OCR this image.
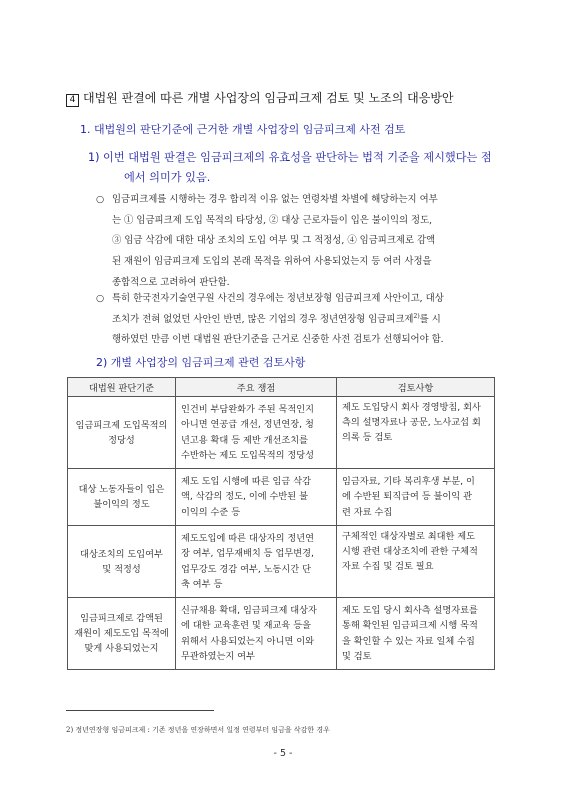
4 대법원 판결에 따른 개별 사업장의 임금피크제 검토 및 노조의 대응방안
1. 대법원의 판단기준에 근거한 개별 사업장의 임금피크제 사전 검토
1) 이번 대법원 판결은 임금피크제의 유효성을 판단하는 법적 기준을 제시했다는 점
에서 의미가 있음.
○ 임금피크제를 시행하는 경우 합리적 이유 없는 연령차별 차별에 해당하는지 여부
는 ① 임금피크제 도입 목적의 타당성, ② 대상 근로자들이 입은 불이익의 정도,
③ 임금 삭감에 대한 대상 조치의 도입 여부 및 그 적정성, ④ 임금피크제로 감액
된 재원이 임금피크제 도입의 본래 목적을 위하여 사용되었는지 등 여러 사정을
종합적으로 고려하여 판단함.
○ 특히 한국전자기술연구원 사건의 경우에는 정년보장형 임금피크제 사안이고, 대상
조치가 전혀 없었던 사안인 반면, 많은 기업의 경우 정년연장형 임금피크제$^{2)}$를 시
행하였던 만큼 이번 대법원 판단기준을 근거로 신중한 사전 검토가 선행되어야 함.
2) 개별 사업장의 임금피크제 관련 검토사항
대법원 판단기준	주요 쟁점	검토사항
임금피크제 도입목적의
정당성	인건비 부담완화가 주된 목적인지
아니면 연공급 개선, 정년연장, 청
년고용 확대 등 제반 개선조치를
수반하는 제도 도입목적의 정당성	제도 도입당시 회사 경영방침, 회사
측의 설명자료나 공문, 노사교섭 회
의록 등 검토
대상 노동자들이 입은
불이익의 정도	제도 도입 시행에 따른 임금 삭감
액, 삭감의 정도, 이에 수반된 불
이익의 수준 등	임금자료, 기타 복리후생 부분, 이
에 수반된 퇴직급여 등 불이익 관
련 자료 수집
대상조치의 도입여부
및 적정성	제도도입에 따른 대상자의 정년연
장 여부, 업무재배치 등 업무변경,
업무강도 경감 여부, 노동시간 단
축 여부 등	구체적인 대상자별로 최대한 제도
시행 관련 대상조치에 관한 구체적
자료 수집 및 검토 필요
임금피크제로 감액된
재원이 제도도입 목적에
맞게 사용되었는지	신규채용 확대, 임금피크제 대상자
에 대한 교육훈련 및 재교육 등을
위해서 사용되었는지 아니면 이와
무관하였는지 여부	제도 도입 당시 회사측 설명자료를
통해 확인된 임금피크제 시행 목적
을 확인할 수 있는 자료 일체 수집
및 검토
2) 정년연장형 임금피크제 : 기존 정년을 연장하면서 일정 연령부터 임금을 삭감한 경우
- 5 -
